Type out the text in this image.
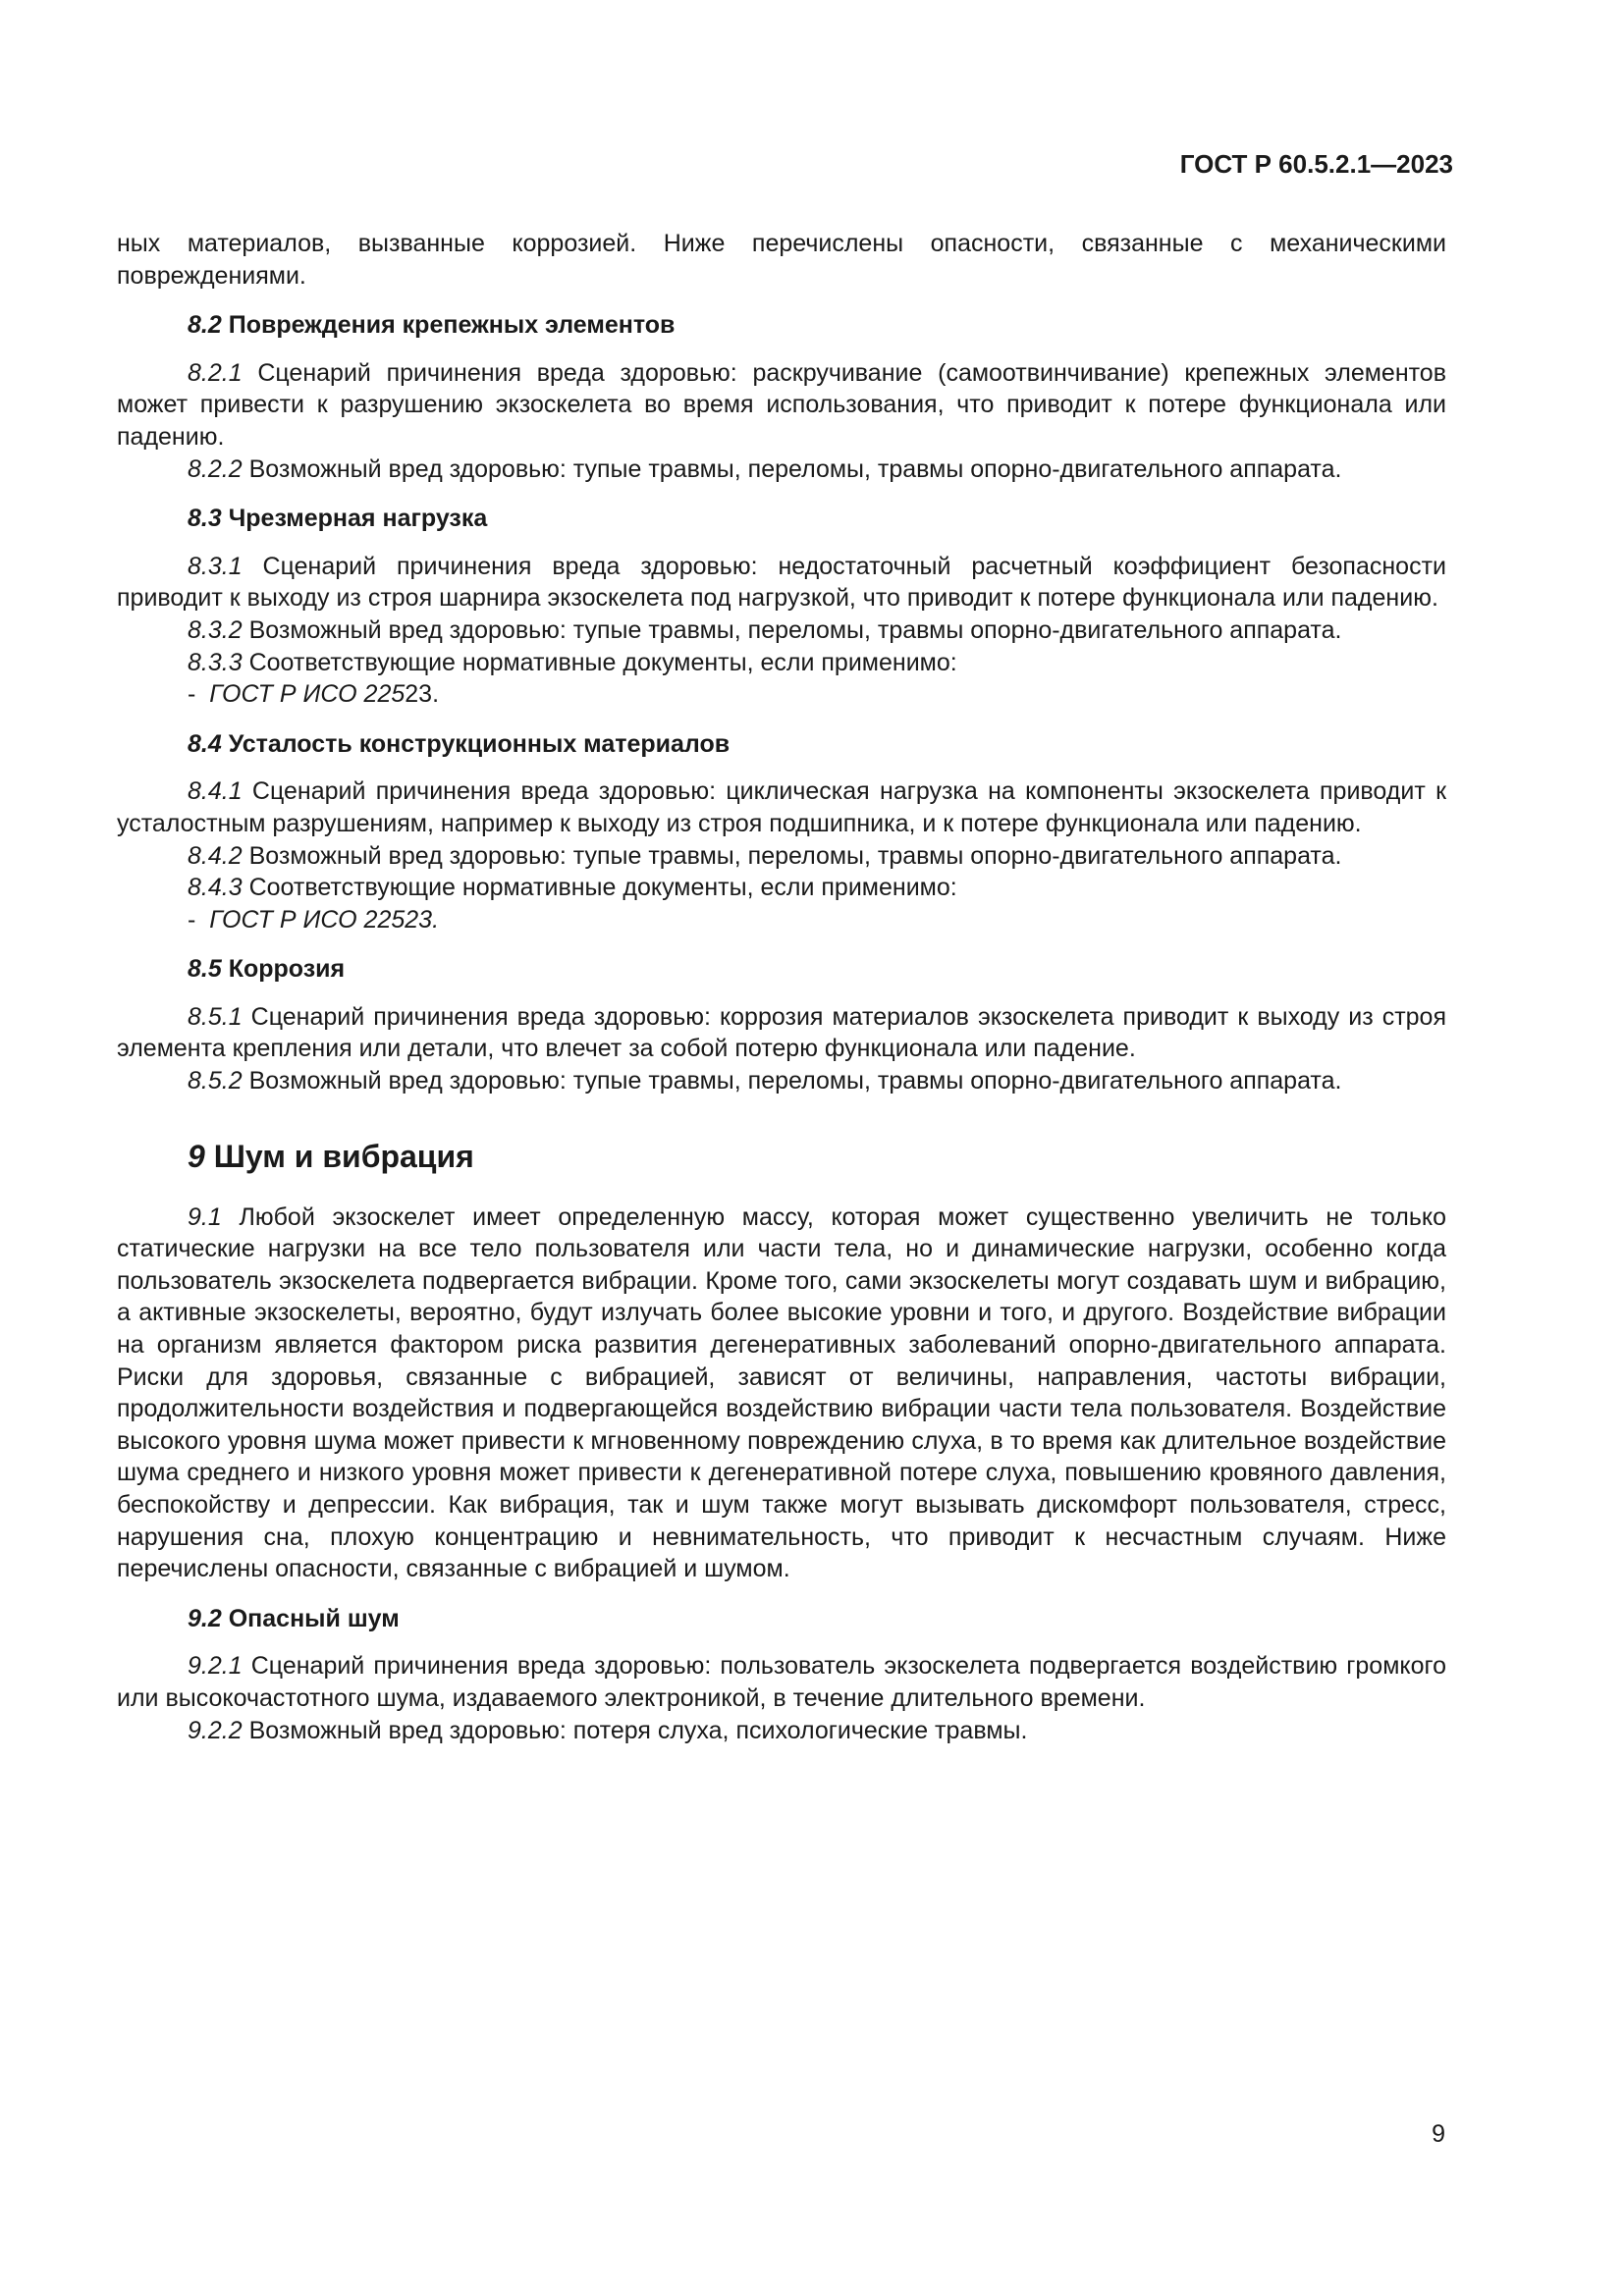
ГОСТ Р 60.5.2.1—2023

ных материалов, вызванные коррозией. Ниже перечислены опасности, связанные с механическими повреждениями.

8.2 Повреждения крепежных элементов

8.2.1 Сценарий причинения вреда здоровью: раскручивание (самоотвинчивание) крепежных элементов может привести к разрушению экзоскелета во время использования, что приводит к потере функционала или падению.

8.2.2 Возможный вред здоровью: тупые травмы, переломы, травмы опорно-двигательного аппарата.

8.3 Чрезмерная нагрузка

8.3.1 Сценарий причинения вреда здоровью: недостаточный расчетный коэффициент безопасности приводит к выходу из строя шарнира экзоскелета под нагрузкой, что приводит к потере функционала или падению.

8.3.2 Возможный вред здоровью: тупые травмы, переломы, травмы опорно-двигательного аппарата.

8.3.3 Соответствующие нормативные документы, если применимо:

- ГОСТ Р ИСО 22523.

8.4 Усталость конструкционных материалов

8.4.1 Сценарий причинения вреда здоровью: циклическая нагрузка на компоненты экзоскелета приводит к усталостным разрушениям, например к выходу из строя подшипника, и к потере функционала или падению.

8.4.2 Возможный вред здоровью: тупые травмы, переломы, травмы опорно-двигательного аппарата.

8.4.3 Соответствующие нормативные документы, если применимо:

- ГОСТ Р ИСО 22523.

8.5 Коррозия

8.5.1 Сценарий причинения вреда здоровью: коррозия материалов экзоскелета приводит к выходу из строя элемента крепления или детали, что влечет за собой потерю функционала или падение.

8.5.2 Возможный вред здоровью: тупые травмы, переломы, травмы опорно-двигательного аппарата.

9 Шум и вибрация

9.1 Любой экзоскелет имеет определенную массу, которая может существенно увеличить не только статические нагрузки на все тело пользователя или части тела, но и динамические нагрузки, особенно когда пользователь экзоскелета подвергается вибрации. Кроме того, сами экзоскелеты могут создавать шум и вибрацию, а активные экзоскелеты, вероятно, будут излучать более высокие уровни и того, и другого. Воздействие вибрации на организм является фактором риска развития дегенеративных заболеваний опорно-двигательного аппарата. Риски для здоровья, связанные с вибрацией, зависят от величины, направления, частоты вибрации, продолжительности воздействия и подвергающейся воздействию вибрации части тела пользователя. Воздействие высокого уровня шума может привести к мгновенному повреждению слуха, в то время как длительное воздействие шума среднего и низкого уровня может привести к дегенеративной потере слуха, повышению кровяного давления, беспокойству и депрессии. Как вибрация, так и шум также могут вызывать дискомфорт пользователя, стресс, нарушения сна, плохую концентрацию и невнимательность, что приводит к несчастным случаям. Ниже перечислены опасности, связанные с вибрацией и шумом.

9.2 Опасный шум

9.2.1 Сценарий причинения вреда здоровью: пользователь экзоскелета подвергается воздействию громкого или высокочастотного шума, издаваемого электроникой, в течение длительного времени.

9.2.2 Возможный вред здоровью: потеря слуха, психологические травмы.

9
